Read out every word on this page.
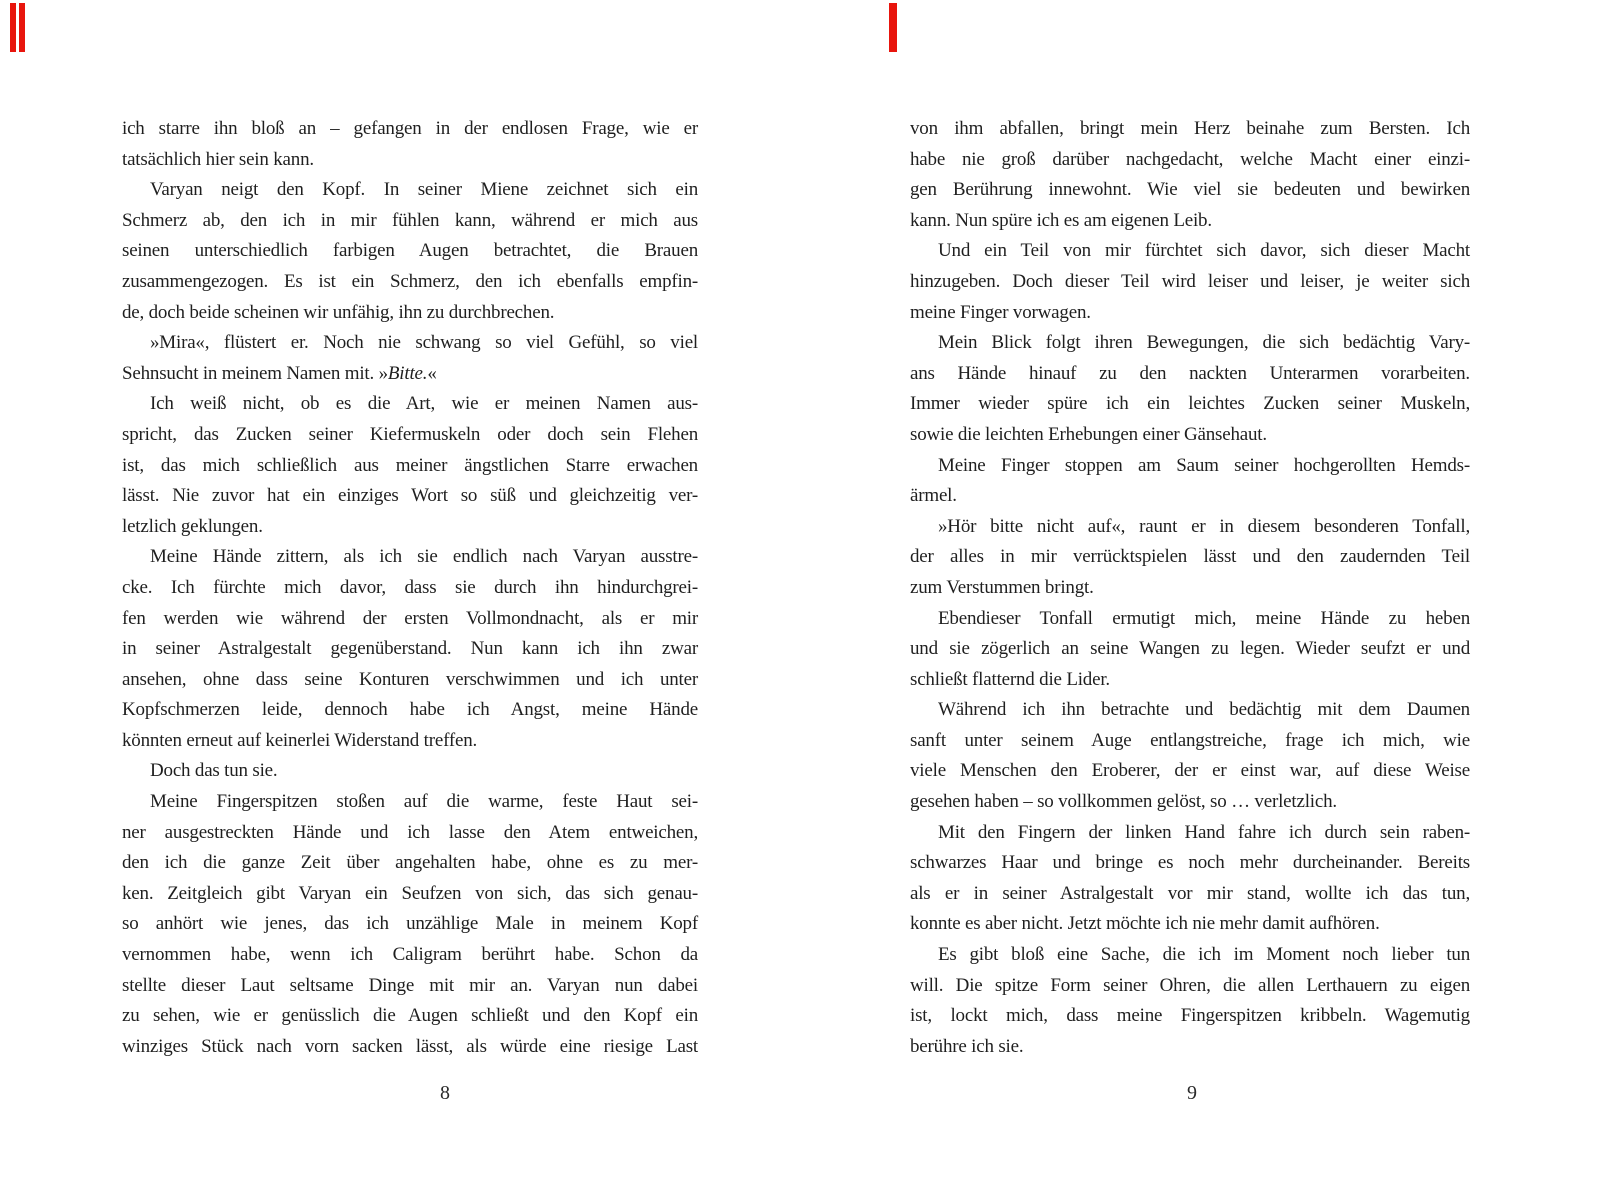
ich starre ihn bloß an – gefangen in der endlosen Frage, wie er
tatsächlich hier sein kann.
Varyan neigt den Kopf. In seiner Miene zeichnet sich ein
Schmerz ab, den ich in mir fühlen kann, während er mich aus
seinen unterschiedlich farbigen Augen betrachtet, die Brauen
zusammengezogen. Es ist ein Schmerz, den ich ebenfalls empfin-
de, doch beide scheinen wir unfähig, ihn zu durchbrechen.
»Mira«, flüstert er. Noch nie schwang so viel Gefühl, so viel
Sehnsucht in meinem Namen mit. »Bitte.«
Ich weiß nicht, ob es die Art, wie er meinen Namen aus-
spricht, das Zucken seiner Kiefermuskeln oder doch sein Flehen
ist, das mich schließlich aus meiner ängstlichen Starre erwachen
lässt. Nie zuvor hat ein einziges Wort so süß und gleichzeitig ver-
letzlich geklungen.
Meine Hände zittern, als ich sie endlich nach Varyan ausstre-
cke. Ich fürchte mich davor, dass sie durch ihn hindurchgrei-
fen werden wie während der ersten Vollmondnacht, als er mir
in seiner Astralgestalt gegenüberstand. Nun kann ich ihn zwar
ansehen, ohne dass seine Konturen verschwimmen und ich unter
Kopfschmerzen leide, dennoch habe ich Angst, meine Hände
könnten erneut auf keinerlei Widerstand treffen.
Doch das tun sie.
Meine Fingerspitzen stoßen auf die warme, feste Haut sei-
ner ausgestreckten Hände und ich lasse den Atem entweichen,
den ich die ganze Zeit über angehalten habe, ohne es zu mer-
ken. Zeitgleich gibt Varyan ein Seufzen von sich, das sich genau-
so anhört wie jenes, das ich unzählige Male in meinem Kopf
vernommen habe, wenn ich Caligram berührt habe. Schon da
stellte dieser Laut seltsame Dinge mit mir an. Varyan nun dabei
zu sehen, wie er genüsslich die Augen schließt und den Kopf ein
winziges Stück nach vorn sacken lässt, als würde eine riesige Last
8
von ihm abfallen, bringt mein Herz beinahe zum Bersten. Ich
habe nie groß darüber nachgedacht, welche Macht einer einzi-
gen Berührung innewohnt. Wie viel sie bedeuten und bewirken
kann. Nun spüre ich es am eigenen Leib.
Und ein Teil von mir fürchtet sich davor, sich dieser Macht
hinzugeben. Doch dieser Teil wird leiser und leiser, je weiter sich
meine Finger vorwagen.
Mein Blick folgt ihren Bewegungen, die sich bedächtig Vary-
ans Hände hinauf zu den nackten Unterarmen vorarbeiten.
Immer wieder spüre ich ein leichtes Zucken seiner Muskeln,
sowie die leichten Erhebungen einer Gänsehaut.
Meine Finger stoppen am Saum seiner hochgerollten Hemds-
ärmel.
»Hör bitte nicht auf«, raunt er in diesem besonderen Tonfall,
der alles in mir verrücktspielen lässt und den zaudernden Teil
zum Verstummen bringt.
Ebendieser Tonfall ermutigt mich, meine Hände zu heben
und sie zögerlich an seine Wangen zu legen. Wieder seufzt er und
schließt flatternd die Lider.
Während ich ihn betrachte und bedächtig mit dem Daumen
sanft unter seinem Auge entlangstreiche, frage ich mich, wie
viele Menschen den Eroberer, der er einst war, auf diese Weise
gesehen haben – so vollkommen gelöst, so … verletzlich.
Mit den Fingern der linken Hand fahre ich durch sein raben-
schwarzes Haar und bringe es noch mehr durcheinander. Bereits
als er in seiner Astralgestalt vor mir stand, wollte ich das tun,
konnte es aber nicht. Jetzt möchte ich nie mehr damit aufhören.
Es gibt bloß eine Sache, die ich im Moment noch lieber tun
will. Die spitze Form seiner Ohren, die allen Lerthauern zu eigen
ist, lockt mich, dass meine Fingerspitzen kribbeln. Wagemutig
berühre ich sie.
9
